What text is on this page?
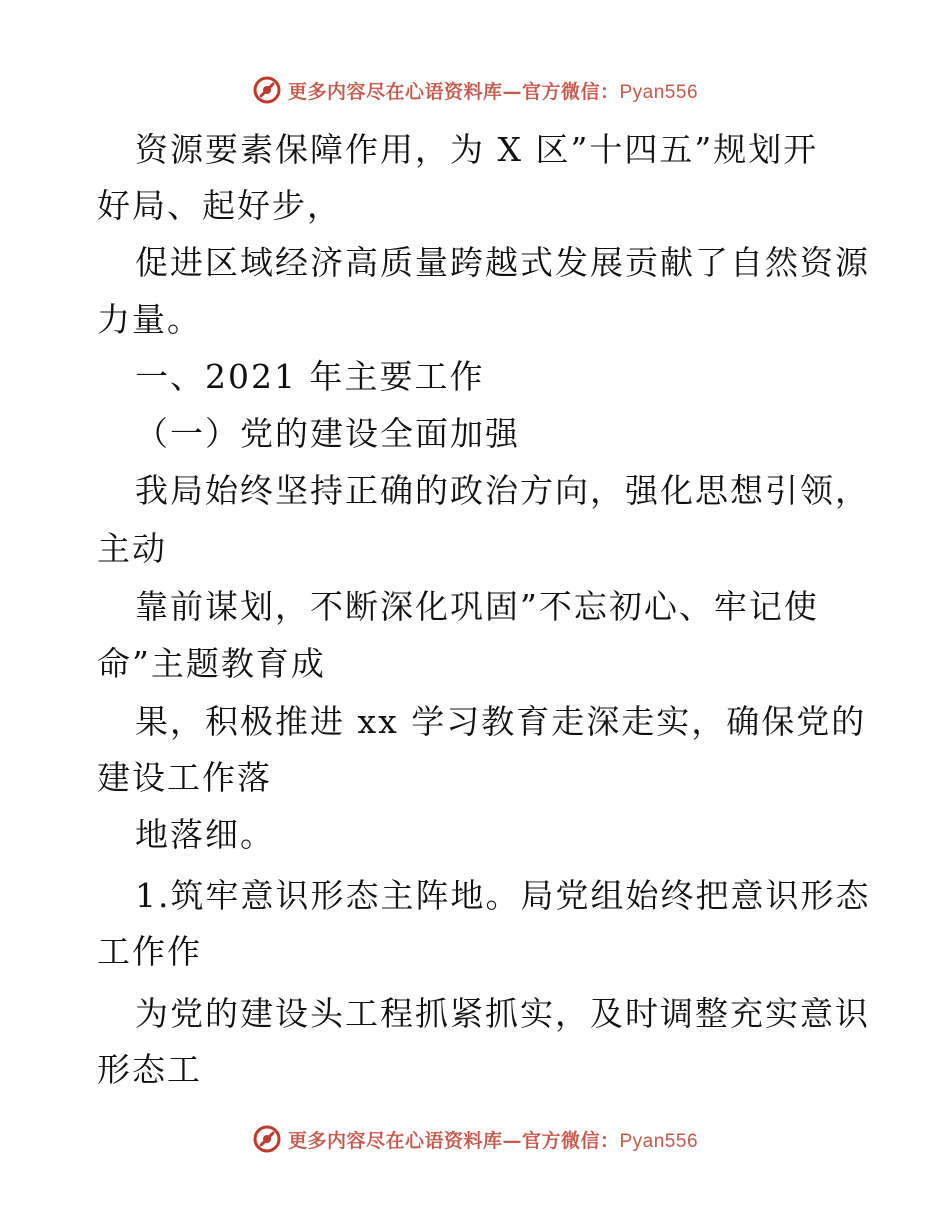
更多内容尽在心语资料库—官方微信：Pyan556
资源要素保障作用，为 X 区”十四五”规划开
好局、起好步，
促进区域经济高质量跨越式发展贡献了自然资源
力量。
一、2021 年主要工作
（一）党的建设全面加强
我局始终坚持正确的政治方向，强化思想引领，
主动
靠前谋划，不断深化巩固”不忘初心、牢记使
命”主题教育成
果，积极推进 xx 学习教育走深走实，确保党的
建设工作落
地落细。
1.筑牢意识形态主阵地。局党组始终把意识形态
工作作
为党的建设头工程抓紧抓实，及时调整充实意识
形态工
更多内容尽在心语资料库—官方微信：Pyan556
